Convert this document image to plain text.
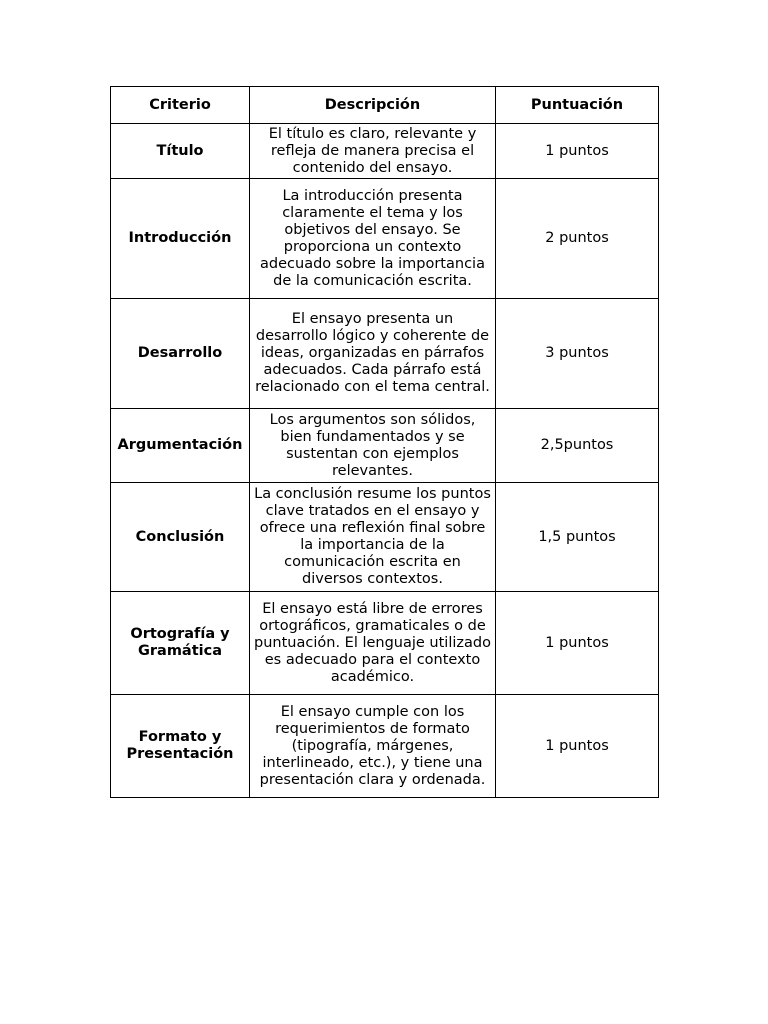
Criterio	Descripción	Puntuación
Título	El título es claro, relevante y refleja de manera precisa el contenido del ensayo.	1 puntos
Introducción	La introducción presenta claramente el tema y los objetivos del ensayo. Se proporciona un contexto adecuado sobre la importancia de la comunicación escrita.	2 puntos
Desarrollo	El ensayo presenta un desarrollo lógico y coherente de ideas, organizadas en párrafos adecuados. Cada párrafo está relacionado con el tema central.	3 puntos
Argumentación	Los argumentos son sólidos, bien fundamentados y se sustentan con ejemplos relevantes.	2,5puntos
Conclusión	La conclusión resume los puntos clave tratados en el ensayo y ofrece una reflexión final sobre la importancia de la comunicación escrita en diversos contextos.	1,5 puntos
Ortografía y Gramática	El ensayo está libre de errores ortográficos, gramaticales o de puntuación. El lenguaje utilizado es adecuado para el contexto académico.	1 puntos
Formato y Presentación	El ensayo cumple con los requerimientos de formato (tipografía, márgenes, interlineado, etc.), y tiene una presentación clara y ordenada.	1 puntos
